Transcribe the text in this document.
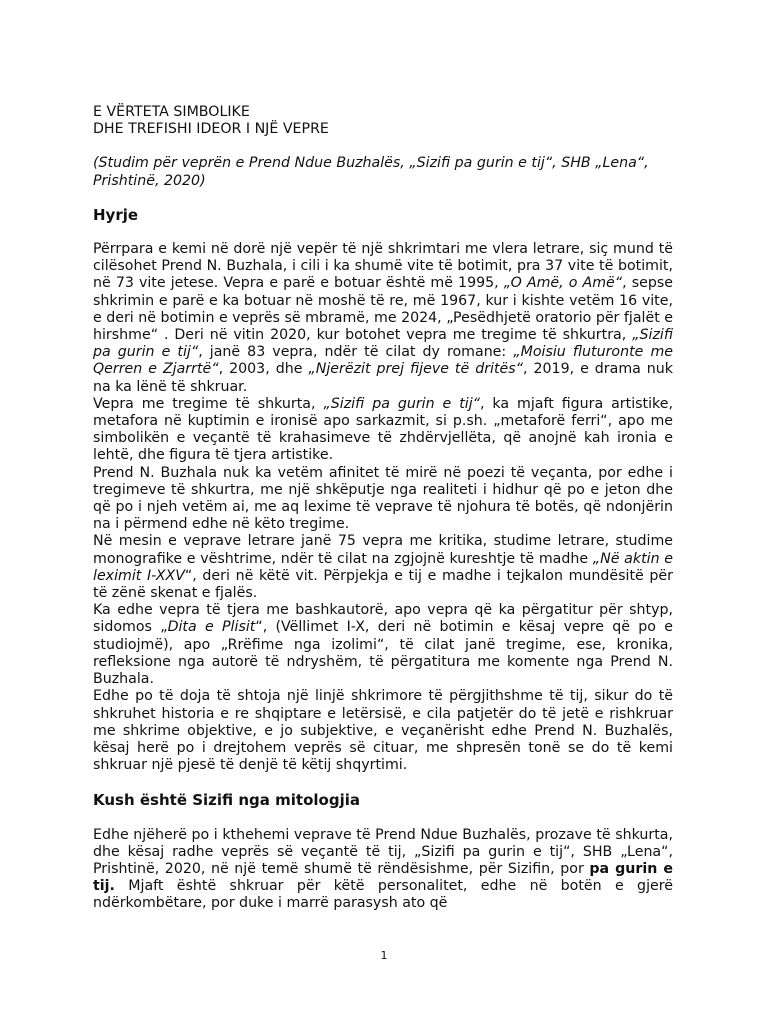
E VËRTETA SIMBOLIKE

DHE TREFISHI IDEOR I NJË VEPRE

(Studim për veprën e Prend Ndue Buzhalës, „Sizifi pa gurin e tij“, SHB „Lena“, Prishtinë, 2020)

Hyrje

Përrpara e kemi në dorë një vepër të një shkrimtari me vlera letrare, siç mund të cilësohet Prend N. Buzhala, i cili i ka shumë vite të botimit, pra 37 vite të botimit, në 73 vite jetese. Vepra e parë e botuar është më 1995, „O Amë, o Amë“, sepse shkrimin e parë e ka botuar në moshë të re, më 1967, kur i kishte vetëm 16 vite, e deri në botimin e veprës së mbramë, me 2024, „Pesëdhjetë oratorio për fjalët e hirshme“ . Deri në vitin 2020, kur botohet vepra me tregime të shkurtra, „Sizifi pa gurin e tij“, janë 83 vepra, ndër të cilat dy romane: „Moisiu fluturonte me Qerren e Zjarrtë“, 2003, dhe „Njerëzit prej fijeve të dritës“, 2019, e drama nuk na ka lënë të shkruar.

Vepra me tregime të shkurta, „Sizifi pa gurin e tij“, ka mjaft figura artistike, metafora në kuptimin e ironisë apo sarkazmit, si p.sh. „metaforë ferri“, apo me simbolikën e veçantë të krahasimeve të zhdërvjellëta, që anojnë kah ironia e lehtë, dhe figura të tjera artistike.

Prend N. Buzhala nuk ka vetëm afinitet të mirë në poezi të veçanta, por edhe i tregimeve të shkurtra, me një shkëputje nga realiteti i hidhur që po e jeton dhe që po i njeh vetëm ai, me aq lexime të veprave të njohura të botës, që ndonjërin na i përmend edhe në këto tregime.

Në mesin e veprave letrare janë 75 vepra me kritika, studime letrare, studime monografike e vështrime, ndër të cilat na zgjojnë kureshtje të madhe „Në aktin e leximit I-XXV“, deri në këtë vit. Përpjekja e tij e madhe i tejkalon mundësitë për të zënë skenat e fjalës.

Ka edhe vepra të tjera me bashkautorë, apo vepra që ka përgatitur për shtyp, sidomos „Dita e Plisit“, (Vëllimet I-X, deri në botimin e kësaj vepre që po e studiojmë), apo „Rrëfime nga izolimi“, të cilat janë tregime, ese, kronika, refleksione nga autorë të ndryshëm, të përgatitura me komente nga Prend N. Buzhala.

Edhe po të doja të shtoja një linjë shkrimore të përgjithshme të tij, sikur do të shkruhet historia e re shqiptare e letërsisë, e cila patjetër do të jetë e rishkruar me shkrime objektive, e jo subjektive, e veçanërisht edhe Prend N. Buzhalës, kësaj herë po i drejtohem veprës së cituar, me shpresën tonë se do të kemi shkruar një pjesë të denjë të këtij shqyrtimi.

Kush është Sizifi nga mitologjia

Edhe njëherë po i kthehemi veprave të Prend Ndue Buzhalës, prozave të shkurta, dhe kësaj radhe veprës së veçantë të tij, „Sizifi pa gurin e tij“, SHB „Lena“, Prishtinë, 2020, në një temë shumë të rëndësishme, për Sizifin, por pa gurin e tij. Mjaft është shkruar për këtë personalitet, edhe në botën e gjerë ndërkombëtare, por duke i marrë parasysh ato që

1
